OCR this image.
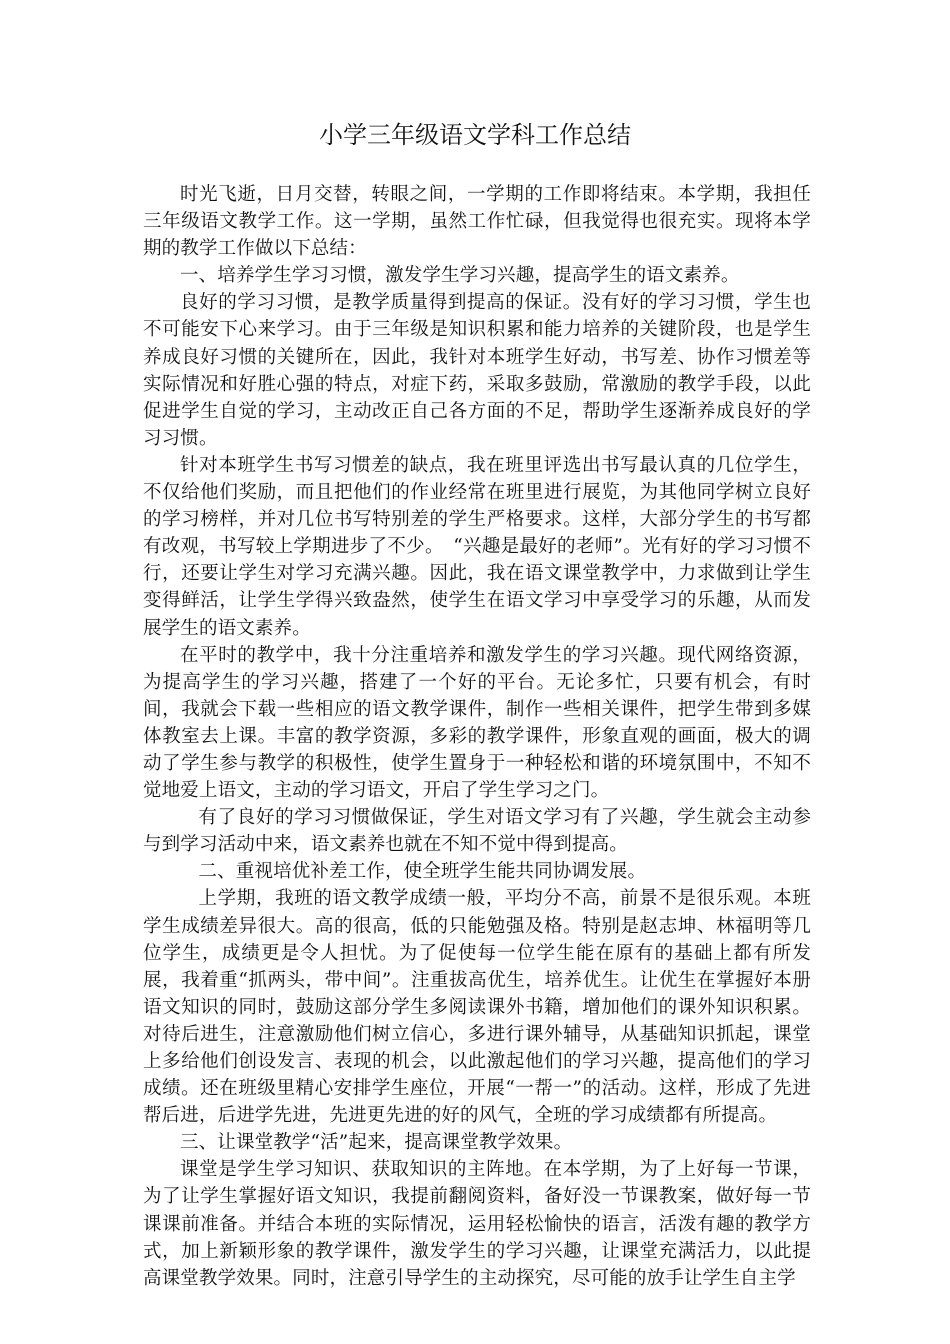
小学三年级语文学科工作总结

时光飞逝，日月交替，转眼之间，一学期的工作即将结束。本学期，我担任三年级语文教学工作。这一学期，虽然工作忙碌，但我觉得也很充实。现将本学期的教学工作做以下总结：

一、培养学生学习习惯，激发学生学习兴趣，提高学生的语文素养。

良好的学习习惯，是教学质量得到提高的保证。没有好的学习习惯，学生也不可能安下心来学习。由于三年级是知识积累和能力培养的关键阶段，也是学生养成良好习惯的关键所在，因此，我针对本班学生好动，书写差、协作习惯差等实际情况和好胜心强的特点，对症下药，采取多鼓励，常激励的教学手段，以此促进学生自觉的学习，主动改正自己各方面的不足，帮助学生逐渐养成良好的学习习惯。

针对本班学生书写习惯差的缺点，我在班里评选出书写最认真的几位学生，不仅给他们奖励，而且把他们的作业经常在班里进行展览，为其他同学树立良好的学习榜样，并对几位书写特别差的学生严格要求。这样，大部分学生的书写都有改观，书写较上学期进步了不少。　“兴趣是最好的老师”。光有好的学习习惯不行，还要让学生对学习充满兴趣。因此，我在语文课堂教学中，力求做到让学生变得鲜活，让学生学得兴致盎然，使学生在语文学习中享受学习的乐趣，从而发展学生的语文素养。

在平时的教学中，我十分注重培养和激发学生的学习兴趣。现代网络资源，为提高学生的学习兴趣，搭建了一个好的平台。无论多忙，只要有机会，有时间，我就会下载一些相应的语文教学课件，制作一些相关课件，把学生带到多媒体教室去上课。丰富的教学资源，多彩的教学课件，形象直观的画面，极大的调动了学生参与教学的积极性，使学生置身于一种轻松和谐的环境氛围中，不知不觉地爱上语文，主动的学习语文，开启了学生学习之门。

有了良好的学习习惯做保证，学生对语文学习有了兴趣，学生就会主动参与到学习活动中来，语文素养也就在不知不觉中得到提高。

二、重视培优补差工作，使全班学生能共同协调发展。

上学期，我班的语文教学成绩一般，平均分不高，前景不是很乐观。本班学生成绩差异很大。高的很高，低的只能勉强及格。特别是赵志坤、林福明等几位学生，成绩更是令人担忧。为了促使每一位学生能在原有的基础上都有所发展，我着重“抓两头，带中间”。注重拔高优生，培养优生。让优生在掌握好本册语文知识的同时，鼓励这部分学生多阅读课外书籍，增加他们的课外知识积累。对待后进生，注意激励他们树立信心，多进行课外辅导，从基础知识抓起，课堂上多给他们创设发言、表现的机会，以此激起他们的学习兴趣，提高他们的学习成绩。还在班级里精心安排学生座位，开展“一帮一”的活动。这样，形成了先进帮后进，后进学先进，先进更先进的好的风气，全班的学习成绩都有所提高。

三、让课堂教学“活”起来，提高课堂教学效果。

课堂是学生学习知识、获取知识的主阵地。在本学期，为了上好每一节课，为了让学生掌握好语文知识，我提前翻阅资料，备好没一节课教案，做好每一节课课前准备。并结合本班的实际情况，运用轻松愉快的语言，活泼有趣的教学方式，加上新颖形象的教学课件，激发学生的学习兴趣，让课堂充满活力，以此提高课堂教学效果。同时，注意引导学生的主动探究，尽可能的放手让学生自主学
